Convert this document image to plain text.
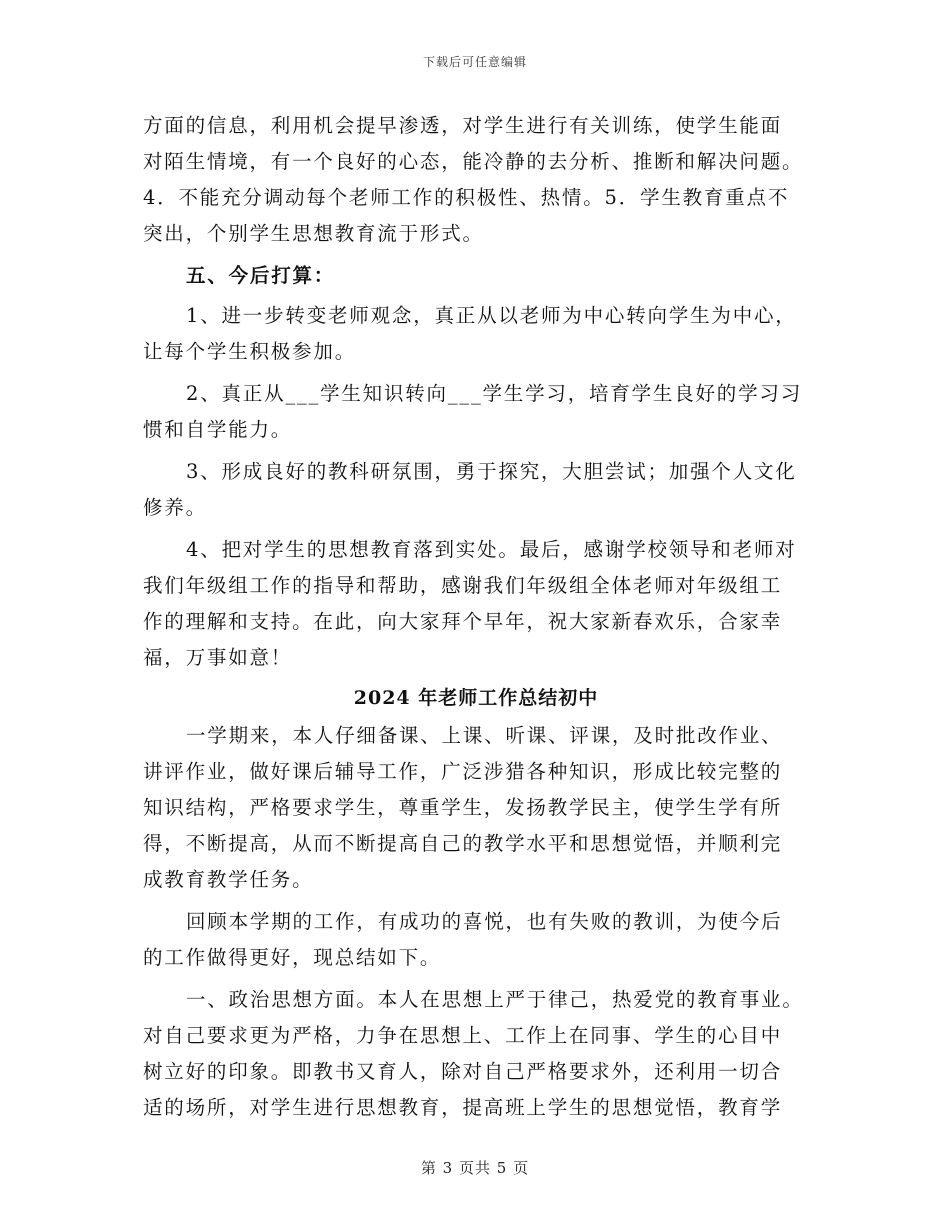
下载后可任意编辑

方面的信息，利用机会提早渗透，对学生进行有关训练，使学生能面

对陌生情境，有一个良好的心态，能冷静的去分析、推断和解决问题。

4．不能充分调动每个老师工作的积极性、热情。5．学生教育重点不

突出，个别学生思想教育流于形式。

五、今后打算：

1、进一步转变老师观念，真正从以老师为中心转向学生为中心，

让每个学生积极参加。

2、真正从___学生知识转向___学生学习，培育学生良好的学习习

惯和自学能力。

3、形成良好的教科研氛围，勇于探究，大胆尝试；加强个人文化

修养。

4、把对学生的思想教育落到实处。最后，感谢学校领导和老师对

我们年级组工作的指导和帮助，感谢我们年级组全体老师对年级组工

作的理解和支持。在此，向大家拜个早年，祝大家新春欢乐，合家幸

福，万事如意！

2024 年老师工作总结初中

一学期来，本人仔细备课、上课、听课、评课，及时批改作业、

讲评作业，做好课后辅导工作，广泛涉猎各种知识，形成比较完整的

知识结构，严格要求学生，尊重学生，发扬教学民主，使学生学有所

得，不断提高，从而不断提高自己的教学水平和思想觉悟，并顺利完

成教育教学任务。

回顾本学期的工作，有成功的喜悦，也有失败的教训，为使今后

的工作做得更好，现总结如下。

一、政治思想方面。本人在思想上严于律己，热爱党的教育事业。

对自己要求更为严格，力争在思想上、工作上在同事、学生的心目中

树立好的印象。即教书又育人，除对自己严格要求外，还利用一切合

适的场所，对学生进行思想教育，提高班上学生的思想觉悟，教育学

第 3 页共 5 页
